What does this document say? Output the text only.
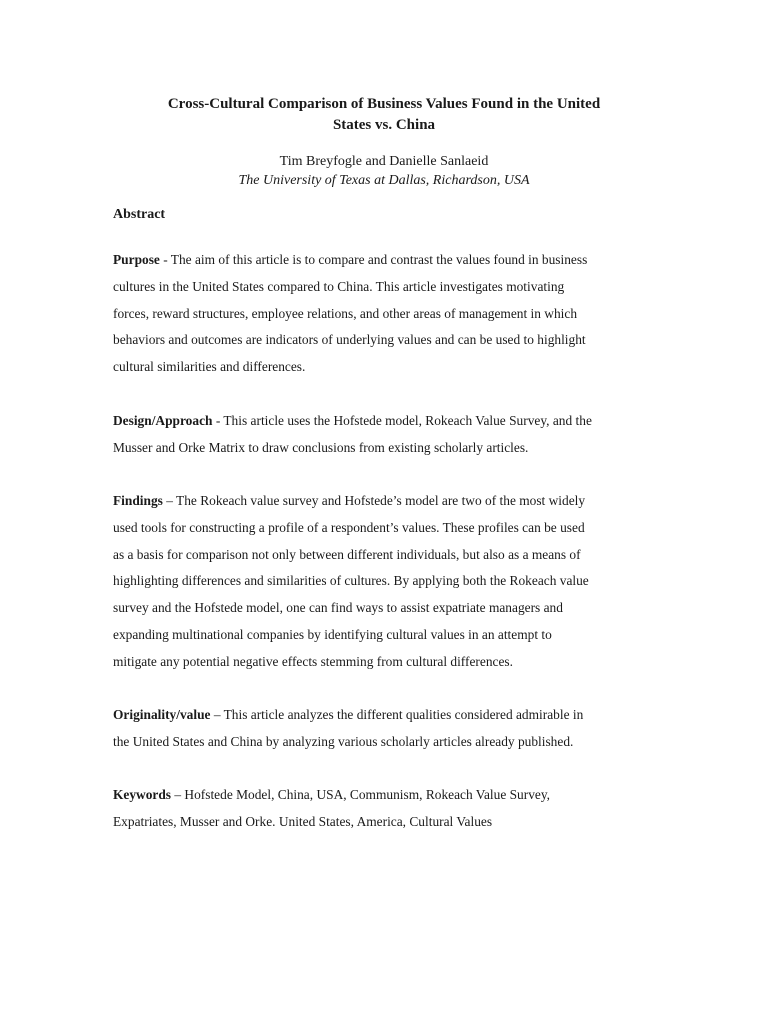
Cross-Cultural Comparison of Business Values Found in the United
States vs. China
Tim Breyfogle and Danielle Sanlaeid
The University of Texas at Dallas, Richardson, USA
Abstract
Purpose - The aim of this article is to compare and contrast the values found in business
cultures in the United States compared to China. This article investigates motivating
forces, reward structures, employee relations, and other areas of management in which
behaviors and outcomes are indicators of underlying values and can be used to highlight
cultural similarities and differences.
Design/Approach - This article uses the Hofstede model, Rokeach Value Survey, and the
Musser and Orke Matrix to draw conclusions from existing scholarly articles.
Findings – The Rokeach value survey and Hofstede’s model are two of the most widely
used tools for constructing a profile of a respondent’s values. These profiles can be used
as a basis for comparison not only between different individuals, but also as a means of
highlighting differences and similarities of cultures. By applying both the Rokeach value
survey and the Hofstede model, one can find ways to assist expatriate managers and
expanding multinational companies by identifying cultural values in an attempt to
mitigate any potential negative effects stemming from cultural differences.
Originality/value – This article analyzes the different qualities considered admirable in
the United States and China by analyzing various scholarly articles already published.
Keywords – Hofstede Model, China, USA, Communism, Rokeach Value Survey,
Expatriates, Musser and Orke. United States, America, Cultural Values
